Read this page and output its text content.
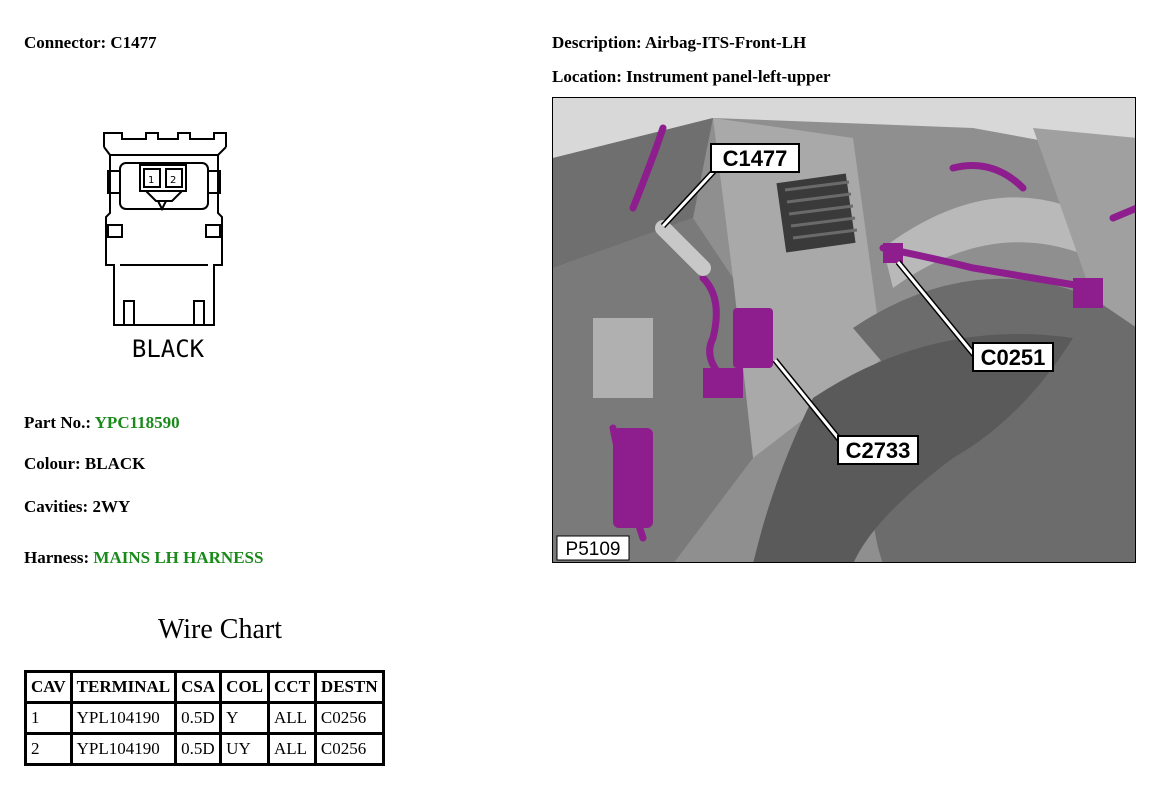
Connector: C1477	Description: Airbag-ITS-Front-LH
Location: Instrument panel-left-upper
1 2
BLACK
Part No.: YPC118590
Colour: BLACK
Cavities: 2WY
Harness: MAINS LH HARNESS
C1477
C0251
C2733
P5109
Wire Chart
CAV	TERMINAL	CSA	COL	CCT	DESTN
1	YPL104190	0.5D	Y	ALL	C0256
2	YPL104190	0.5D	UY	ALL	C0256
